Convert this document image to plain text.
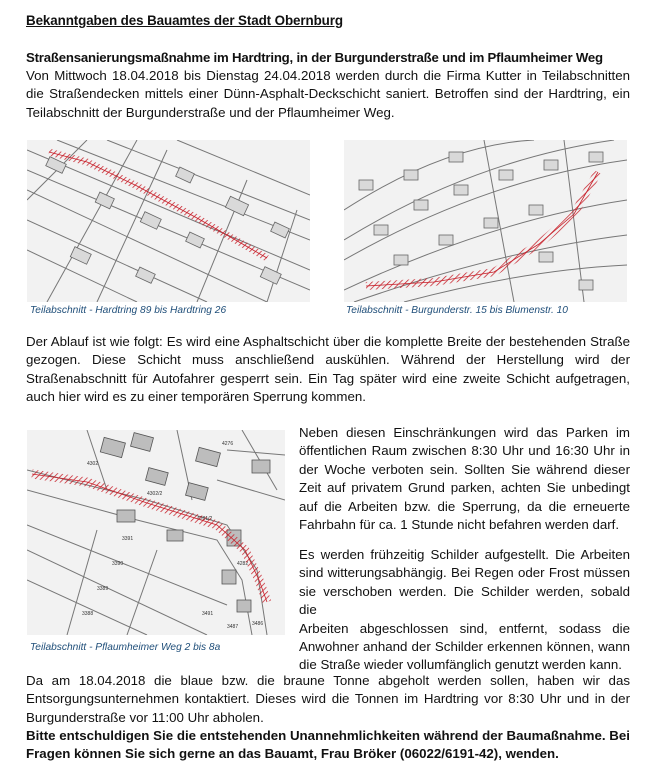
Bekanntgaben des Bauamtes der Stadt Obernburg
Straßensanierungsmaßnahme im Hardtring, in der Burgunderstraße und im Pflaumheimer Weg
Von Mittwoch 18.04.2018 bis Dienstag 24.04.2018 werden durch die Firma Kutter in Teilabschnitten
die Straßendecken mittels einer Dünn-Asphalt-Deckschicht saniert. Betroffen sind der Hardtring, ein
Teilabschnitt der Burgunderstraße und der Pflaumheimer Weg.
Teilabschnitt - Hardtring 89 bis Hardtring 26	Teilabschnitt - Burgunderstr. 15 bis Blumenstr. 10
Der Ablauf ist wie folgt: Es wird eine Asphaltschicht über die komplette Breite der bestehenden Straße
gezogen. Diese Schicht muss anschließend auskühlen. Während der Herstellung wird der
Straßenabschnitt für Autofahrer gesperrt sein. Ein Tag später wird eine zweite Schicht aufgetragen,
auch hier wird es zu einer temporären Sperrung kommen.
4302
4276
4302/2
4281/2
4282
3491
3487	3486
3391
3390
3389
3388
Teilabschnitt - Pflaumheimer Weg 2 bis 8a
Neben diesen Einschränkungen wird das Parken im
öffentlichen Raum zwischen 8:30 Uhr und 16:30 Uhr in
der Woche verboten sein. Sollten Sie während dieser
Zeit auf privatem Grund parken, achten Sie unbedingt
auf die Arbeiten bzw. die Sperrung, da die erneuerte
Fahrbahn für ca. 1 Stunde nicht befahren werden darf.
Es werden frühzeitig Schilder aufgestellt. Die Arbeiten
sind witterungsabhängig. Bei Regen oder Frost müssen
sie verschoben werden. Die Schilder werden, sobald die
Arbeiten abgeschlossen sind, entfernt, sodass die
Anwohner anhand der Schilder erkennen können, wann
die Straße wieder vollumfänglich genutzt werden kann.
Da am 18.04.2018 die blaue bzw. die braune Tonne abgeholt werden sollen, haben wir das
Entsorgungsunternehmen kontaktiert. Dieses wird die Tonnen im Hardtring vor 8:30 Uhr und in der
Burgunderstraße vor 11:00 Uhr abholen.
Bitte entschuldigen Sie die entstehenden Unannehmlichkeiten während der Baumaßnahme. Bei
Fragen können Sie sich gerne an das Bauamt, Frau Bröker (06022/6191-42), wenden.
